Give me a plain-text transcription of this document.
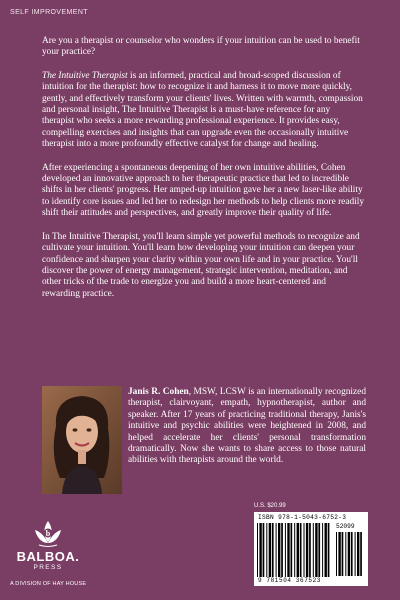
SELF IMPROVEMENT

Are you a therapist or counselor who wonders if your intuition can be used to benefit your practice?

The Intuitive Therapist is an informed, practical and broad-scoped discussion of intuition for the therapist: how to recognize it and harness it to move more quickly, gently, and effectively transform your clients' lives. Written with warmth, compassion and personal insight, The Intuitive Therapist is a must-have reference for any therapist who seeks a more rewarding professional experience. It provides easy, compelling exercises and insights that can upgrade even the occasionally intuitive therapist into a more profoundly effective catalyst for change and healing.

After experiencing a spontaneous deepening of her own intuitive abilities, Cohen developed an innovative approach to her therapeutic practice that led to incredible shifts in her clients' progress. Her amped-up intuition gave her a new laser-like ability to identify core issues and led her to redesign her methods to help clients more readily shift their attitudes and perspectives, and greatly improve their quality of life.

In The Intuitive Therapist, you'll learn simple yet powerful methods to recognize and cultivate your intuition. You'll learn how developing your intuition can deepen your confidence and sharpen your clarity within your own life and in your practice. You'll discover the power of energy management, strategic intervention, meditation, and other tricks of the trade to energize you and build a more heart-centered and rewarding practice.

Janis R. Cohen, MSW, LCSW is an internationally recognized therapist, clairvoyant, empath, hypnotherapist, author and speaker. After 17 years of practicing traditional therapy, Janis's intuitive and psychic abilities were heightened in 2008, and helped accelerate her clients' personal transformation dramatically. Now she wants to share access to those natural abilities with therapists around the world.
b
BALBOA.
PRESS
A DIVISION OF HAY HOUSE
U.S. $20.99
ISBN 978-1-5043-6752-3
52099
9 781504 367523
